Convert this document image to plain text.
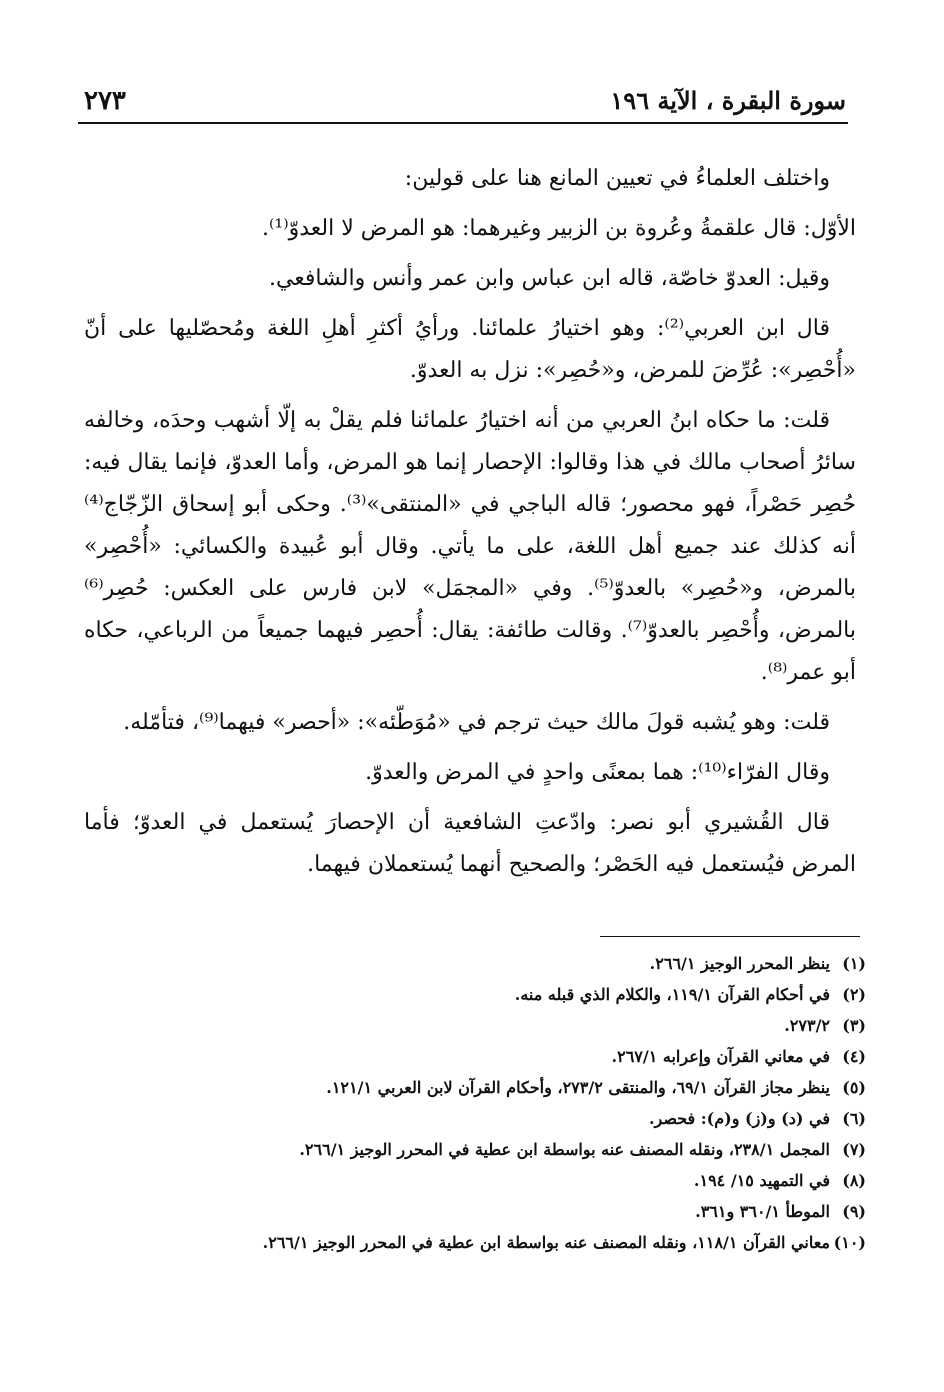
سورة البقرة ، الآية ١٩٦
٢٧٣

واختلف العلماءُ في تعيين المانع هنا على قولين:

الأوّل: قال علقمةُ وعُروة بن الزبير وغيرهما: هو المرض لا العدوّ⁽¹⁾.

وقيل: العدوّ خاصّة، قاله ابن عباس وابن عمر وأنس والشافعي.

قال ابن العربي⁽²⁾: وهو اختيارُ علمائنا. ورأيُ أكثرِ أهلِ اللغة ومُحصّليها على أنّ «أُحْصِر»: عُرِّضَ للمرض، و«حُصِر»: نزل به العدوّ.

قلت: ما حكاه ابنُ العربي من أنه اختيارُ علمائنا فلم يقلْ به إلّا أشهب وحدَه، وخالفه سائرُ أصحاب مالك في هذا وقالوا: الإحصار إنما هو المرض، وأما العدوّ، فإنما يقال فيه: حُصِر حَصْراً، فهو محصور؛ قاله الباجي في «المنتقى»⁽³⁾. وحكى أبو إسحاق الزّجّاج⁽⁴⁾ أنه كذلك عند جميع أهل اللغة، على ما يأتي. وقال أبو عُبيدة والكسائي: «أُحْصِر» بالمرض، و«حُصِر» بالعدوّ⁽⁵⁾. وفي «المجمَل» لابن فارس على العكس: حُصِر⁽⁶⁾ بالمرض، وأُحْصِر بالعدوّ⁽⁷⁾. وقالت طائفة: يقال: أُحصِر فيهما جميعاً من الرباعي، حكاه أبو عمر⁽⁸⁾.

قلت: وهو يُشبه قولَ مالك حيث ترجم في «مُوَطّئه»: «أحصر» فيهما⁽⁹⁾، فتأمّله.

وقال الفرّاء⁽¹⁰⁾: هما بمعنًى واحدٍ في المرض والعدوّ.

قال القُشيري أبو نصر: وادّعتِ الشافعية أن الإحصارَ يُستعمل في العدوّ؛ فأما المرض فيُستعمل فيه الحَصْر؛ والصحيح أنهما يُستعملان فيهما.

(١)
ينظر المحرر الوجيز ٢٦٦/١.
(٢)
في أحكام القرآن ١١٩/١، والكلام الذي قبله منه.
(٣)
٢٧٣/٢.
(٤)
في معاني القرآن وإعرابه ٢٦٧/١.
(٥)
ينظر مجاز القرآن ٦٩/١، والمنتقى ٢٧٣/٢، وأحكام القرآن لابن العربي ١٢١/١.
(٦)
في (د) و(ز) و(م): فحصر.
(٧)
المجمل ٢٣٨/١، ونقله المصنف عنه بواسطة ابن عطية في المحرر الوجيز ٢٦٦/١.
(٨)
في التمهيد ١٥/ ١٩٤.
(٩)
الموطأ ٣٦٠/١ و٣٦١.
(١٠)
معاني القرآن ١١٨/١، ونقله المصنف عنه بواسطة ابن عطية في المحرر الوجيز ٢٦٦/١.
